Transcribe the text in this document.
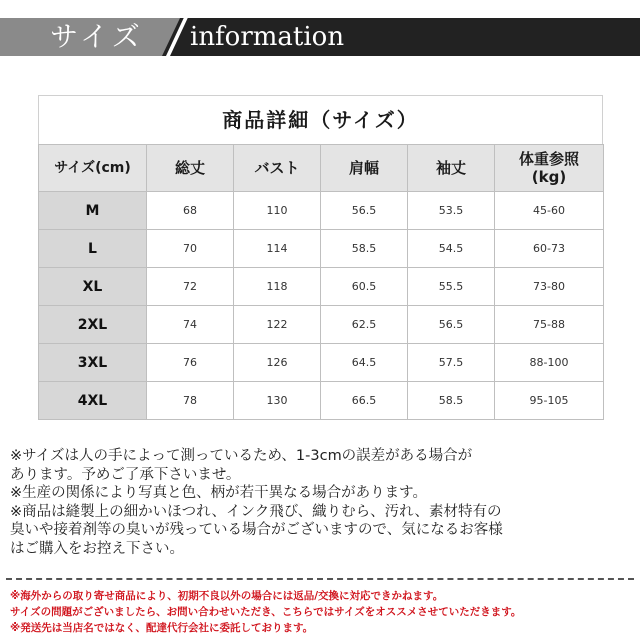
サイズ information
商品詳細（サイズ）
サイズ(cm)	総丈	バスト	肩幅	袖丈	体重参照
(kg)
M	68	110	56.5	53.5	45-60
L	70	114	58.5	54.5	60-73
XL	72	118	60.5	55.5	73-80
2XL	74	122	62.5	56.5	75-88
3XL	76	126	64.5	57.5	88-100
4XL	78	130	66.5	58.5	95-105

※サイズは人の手によって測っているため、1-3cmの誤差がある場合が

あります。予めご了承下さいませ。

※生産の関係により写真と色、柄が若干異なる場合があります。

※商品は縫製上の細かいほつれ、インク飛び、織りむら、汚れ、素材特有の

臭いや接着剤等の臭いが残っている場合がございますので、気になるお客様

はご購入をお控え下さい。

※海外からの取り寄せ商品により、初期不良以外の場合には返品/交換に対応できかねます。

サイズの問題がございましたら、お問い合わせいただき、こちらではサイズをオススメさせていただきます。

※発送先は当店名ではなく、配達代行会社に委託しております。
